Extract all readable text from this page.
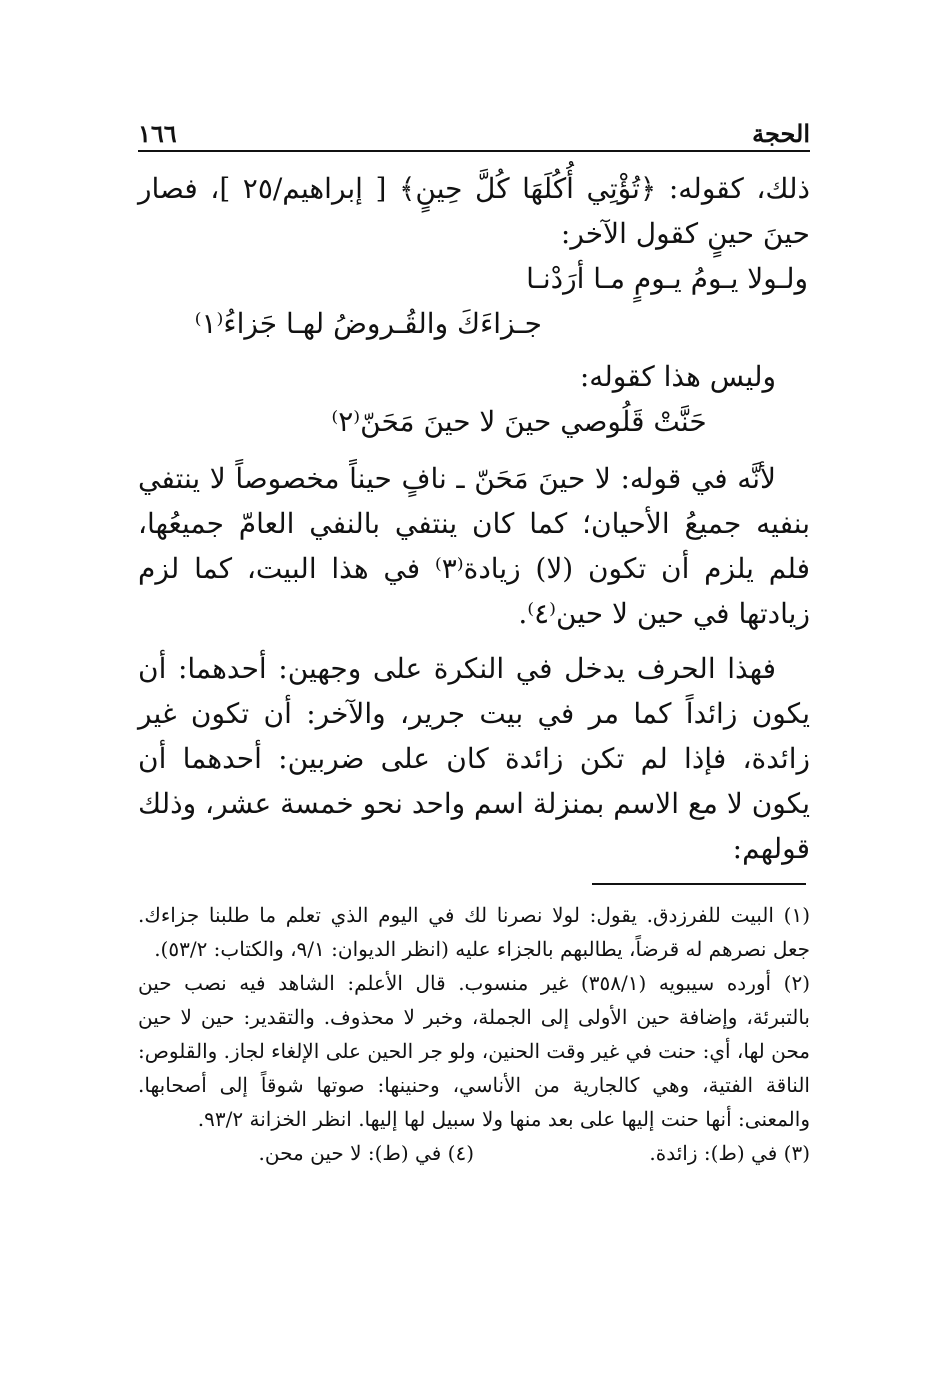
١٦٦	الحجة

ذلك، كقوله: ﴿تُؤْتِي أُكُلَهَا كُلَّ حِينٍ﴾ [ إبراهيم/٢٥ ]، فصار حينَ حينٍ كقول الآخر:

ولـولا يـومُ يـومٍ مـا أرَدْنـا

جـزاءَكَ والقُـروضُ لهـا جَزاءُ⁽١⁾

وليس هذا كقوله:

حَنَّتْ قَلُوصي حينَ لا حينَ مَحَنّ⁽٢⁾

لأنَّه في قوله: لا حينَ مَحَنّ ـ نافٍ حيناً مخصوصاً لا ينتفي بنفيه جميعُ الأحيان؛ كما كان ينتفي بالنفي العامّ جميعُها، فلم يلزم أن تكون (لا) زيادة⁽٣⁾ في هذا البيت، كما لزم زيادتها في حين لا حين⁽٤⁾.

فهذا الحرف يدخل في النكرة على وجهين: أحدهما: أن يكون زائداً كما مر في بيت جرير، والآخر: أن تكون غير زائدة، فإذا لم تكن زائدة كان على ضربين: أحدهما أن يكون لا مع الاسم بمنزلة اسم واحد نحو خمسة عشر، وذلك قولهم:

(١) البيت للفرزدق. يقول: لولا نصرنا لك في اليوم الذي تعلم ما طلبنا جزاءك. جعل نصرهم له قرضاً، يطالبهم بالجزاء عليه (انظر الديوان: ٩/١، والكتاب: ٥٣/٢).

(٢) أورده سيبويه (٣٥٨/١) غير منسوب. قال الأعلم: الشاهد فيه نصب حين بالتبرئة، وإضافة حين الأولى إلى الجملة، وخبر لا محذوف. والتقدير: حين لا حين محن لها، أي: حنت في غير وقت الحنين، ولو جر الحين على الإلغاء لجاز. والقلوص: الناقة الفتية، وهي كالجارية من الأناسي، وحنينها: صوتها شوقاً إلى أصحابها. والمعنى: أنها حنت إليها على بعد منها ولا سبيل لها إليها. انظر الخزانة ٩٣/٢.

(٣) في (ط): زائدة.
(٤) في (ط): لا حين محن.
